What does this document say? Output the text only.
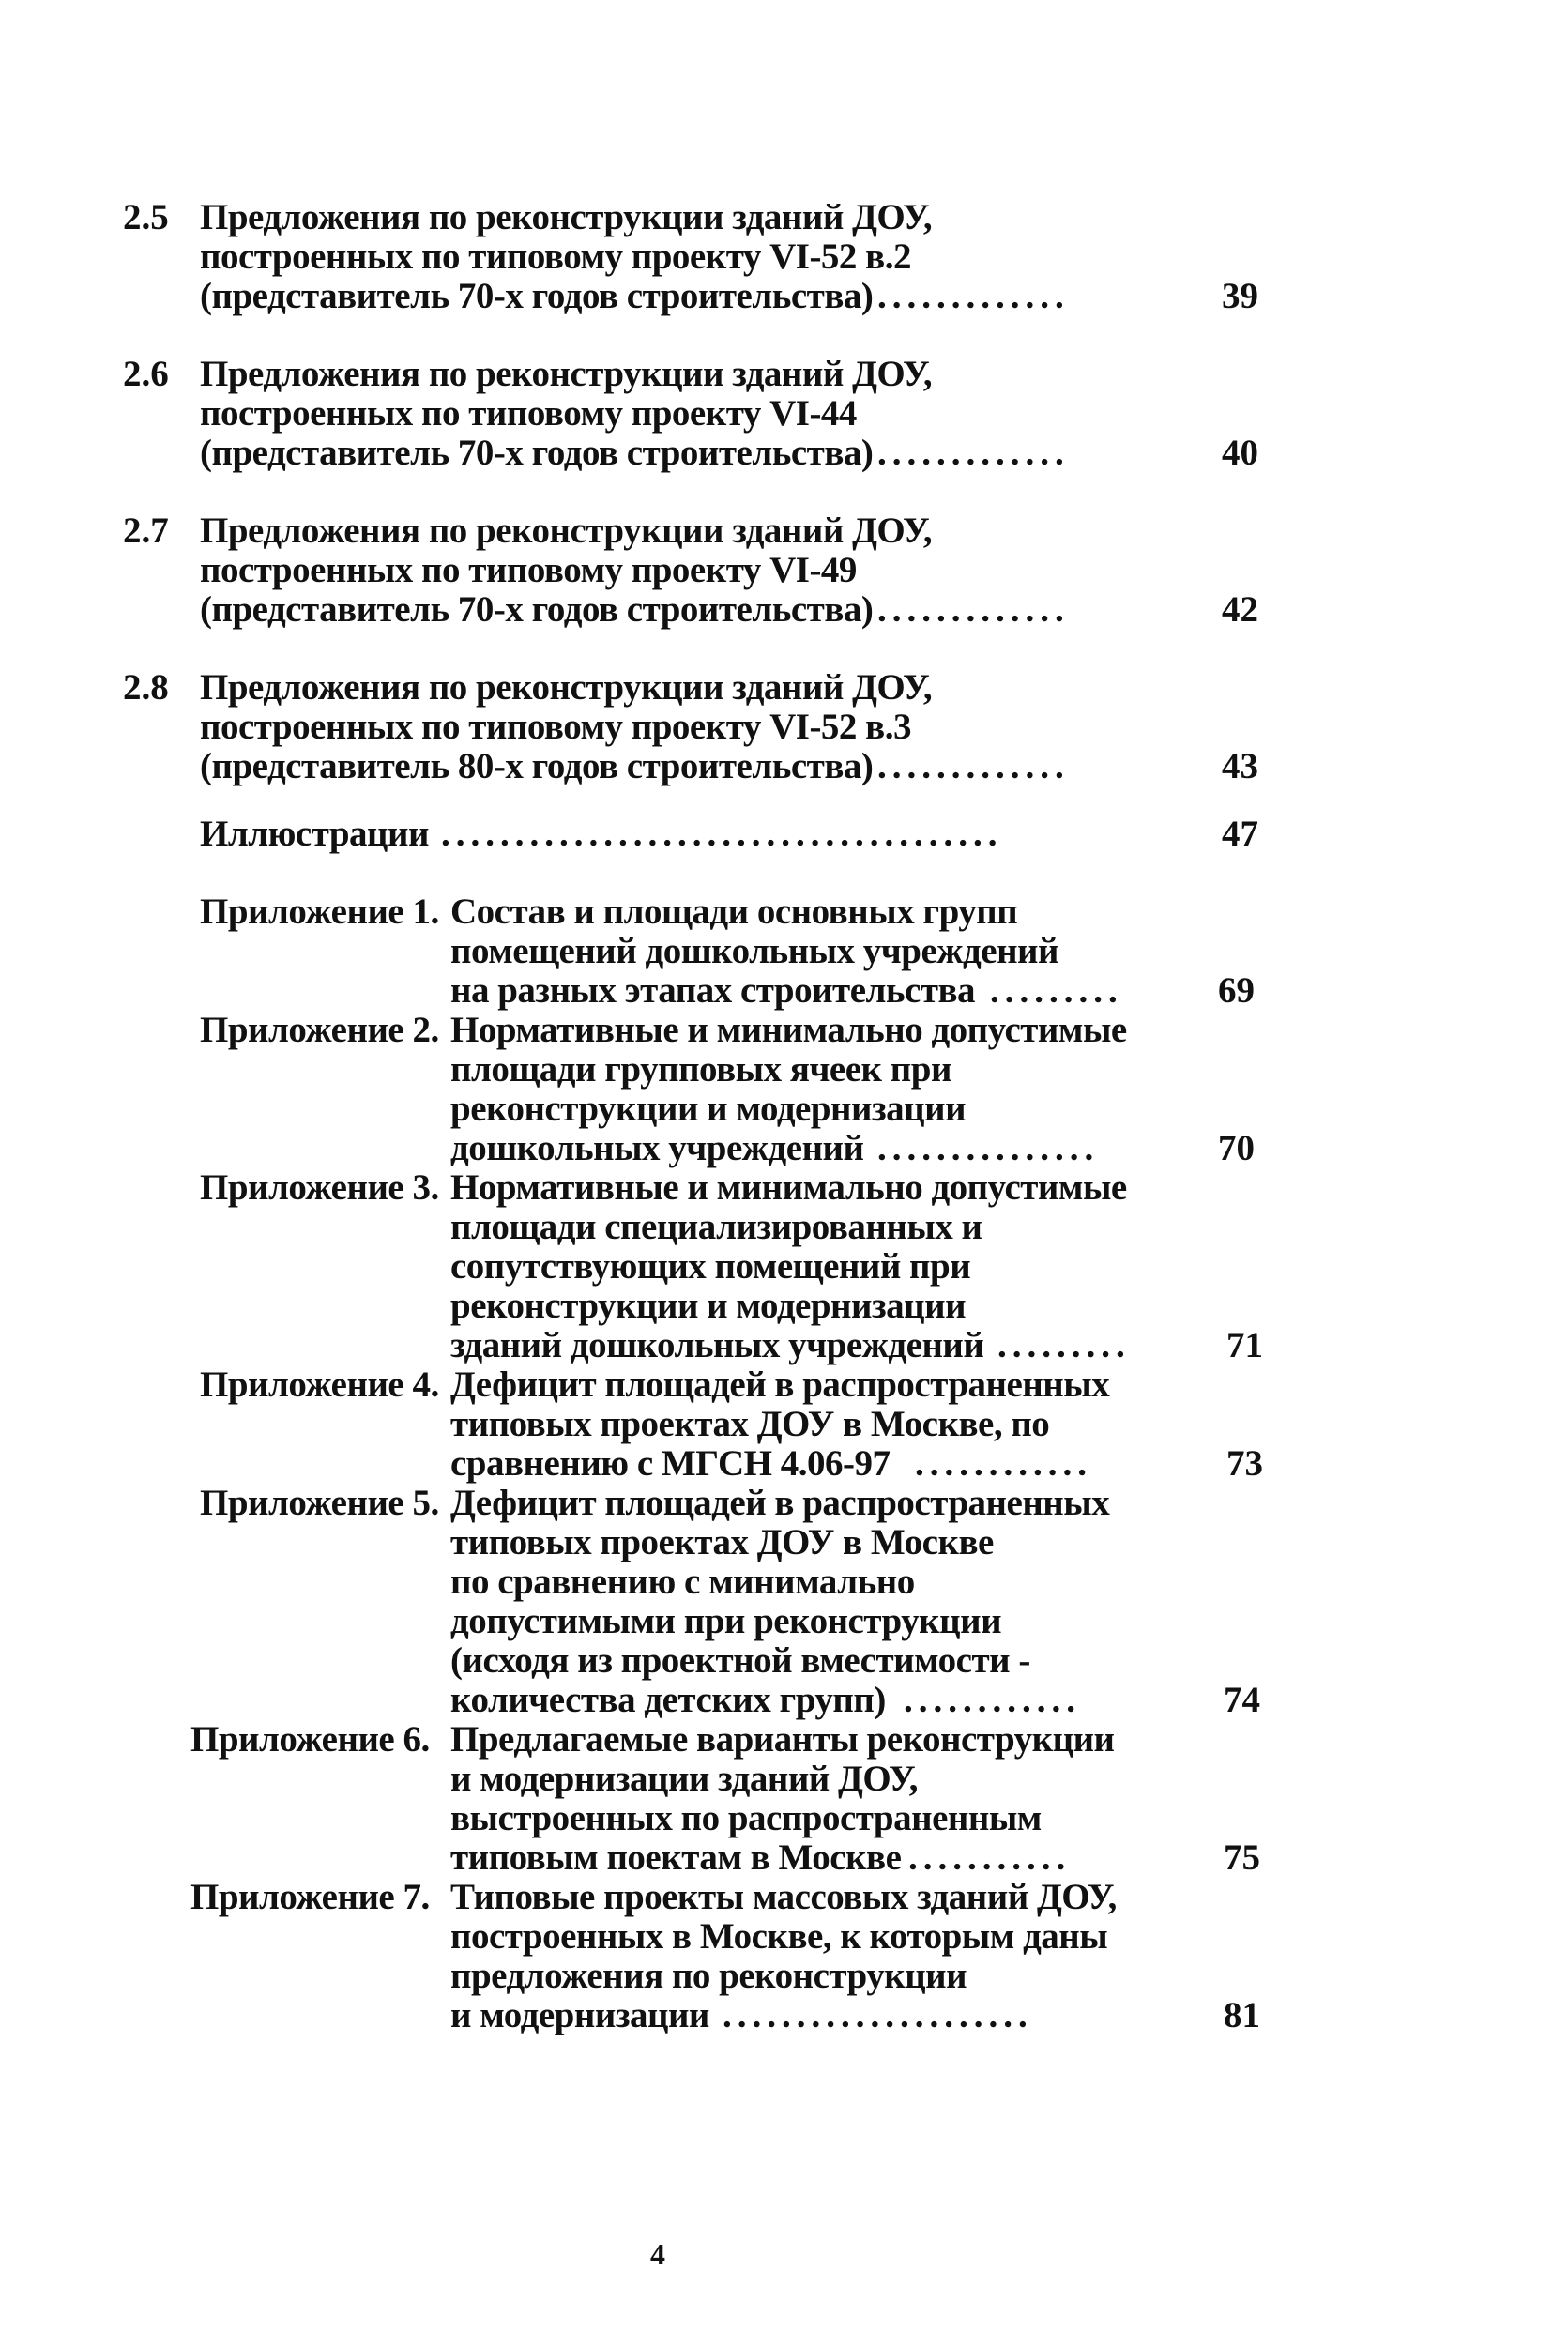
2.5 Предложения по реконструкции зданий ДОУ,
построенных по типовому проекту VI-52 в.2
(представитель 70-х годов строительства) .............	39
2.6 Предложения по реконструкции зданий ДОУ,
построенных по типовому проекту VI-44
(представитель 70-х годов строительства) .............	40
2.7 Предложения по реконструкции зданий ДОУ,
построенных по типовому проекту VI-49
(представитель 70-х годов строительства) .............	42
2.8 Предложения по реконструкции зданий ДОУ,
построенных по типовому проекту VI-52 в.3
(представитель 80-х годов строительства) .............	43
Иллюстрации ......................................	47
Приложение 1. Состав и площади основных групп
помещений дошкольных учреждений
на разных этапах строительства .........	69
Приложение 2. Нормативные и минимально допустимые
площади групповых ячеек при
реконструкции и модернизации
дошкольных учреждений ...............	70
Приложение 3. Нормативные и минимально допустимые
площади специализированных и
сопутствующих помещений при
реконструкции и модернизации
зданий дошкольных учреждений .........	71
Приложение 4. Дефицит площадей в распространенных
типовых проектах ДОУ в Москве, по
сравнению с МГСН 4.06-97 ............	73
Приложение 5. Дефицит площадей в распространенных
типовых проектах ДОУ в Москве
по сравнению с минимально
допустимыми при реконструкции
(исходя из проектной вместимости -
количества детских групп) ............	74
Приложение 6. Предлагаемые варианты реконструкции
и модернизации зданий ДОУ,
выстроенных по распространенным
типовым поектам в Москве ...........	75
Приложение 7. Типовые проекты массовых зданий ДОУ,
построенных в Москве, к которым даны
предложения по реконструкции
и модернизации .....................	81
4
